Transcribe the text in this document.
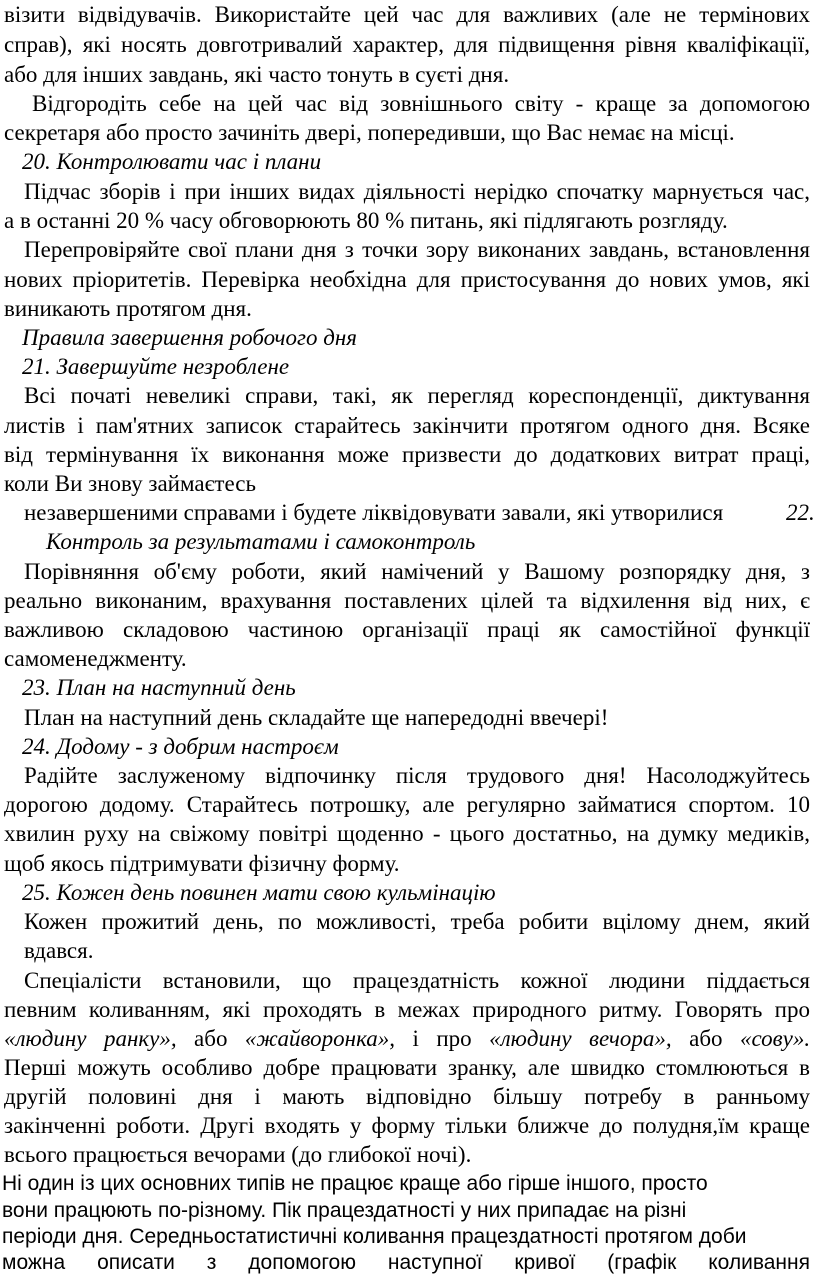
візити відвідувачів. Використайте цей час для важливих (але не термінових
справ), які носять довготривалий характер, для підвищення рівня кваліфікації,
або для інших завдань, які часто тонуть в суєті дня.
Відгородіть себе на цей час від зовнішнього світу - краще за допомогою
секретаря або просто зачиніть двері, попередивши, що Вас немає на місці.
20. Контролювати час і плани
Підчас зборів і при інших видах діяльності нерідко спочатку марнується час,
а в останні 20 % часу обговорюють 80 % питань, які підлягають розгляду.
Перепровіряйте свої плани дня з точки зору виконаних завдань, встановлення
нових пріоритетів. Перевірка необхідна для пристосування до нових умов, які
виникають протягом дня.
Правила завершення робочого дня
21. Завершуйте незроблене
Всі початі невеликі справи, такі, як перегляд кореспонденції, диктування
листів і пам'ятних записок старайтесь закінчити протягом одного дня. Всяке
від термінування їх виконання може призвести до додаткових витрат праці,
коли Ви знову займаєтесь
незавершеними справами і будете ліквідовувати завали, які утворилися	22.
Контроль за результатами і самоконтроль
Порівняння об'єму роботи, який намічений у Вашому розпорядку дня, з
реально виконаним, врахування поставлених цілей та відхилення від них, є
важливою складовою частиною організації праці як самостійної функції
самоменеджменту.
23. План на наступний день
План на наступний день складайте ще напередодні ввечері!
24. Додому - з добрим настроєм
Радійте заслуженому відпочинку після трудового дня! Насолоджуйтесь
дорогою додому. Старайтесь потрошку, але регулярно займатися спортом. 10
хвилин руху на свіжому повітрі щоденно - цього достатньо, на думку медиків,
щоб якось підтримувати фізичну форму.
25. Кожен день повинен мати свою кульмінацію
Кожен прожитий день, по можливості, треба робити вцілому днем, який
вдався.
Спеціалісти встановили, що працездатність кожної людини піддається
певним коливанням, які проходять в межах природного ритму. Говорять про
«людину ранку», або «жайворонка», і про «людину вечора», або «сову».
Перші можуть особливо добре працювати зранку, але швидко стомлюються в
другій половині дня і мають відповідно більшу потребу в ранньому
закінченні роботи. Другі входять у форму тільки ближче до полудня,їм краще
всього працюється вечорами (до глибокої ночі).
Ні один із цих основних типів не працює краще або гірше іншого, просто
вони працюють по-різному. Пік працездатності у них припадає на різні
періоди дня. Середньостатистичні коливання працездатності протягом доби
можна описати з допомогою наступної кривої (графік коливання
